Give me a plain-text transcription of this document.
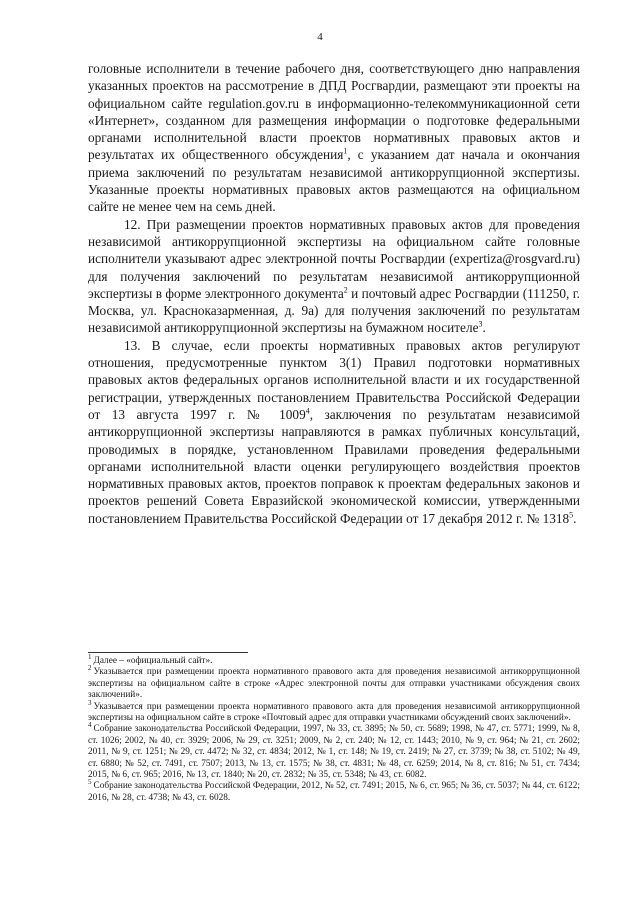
4

головные исполнители в течение рабочего дня, соответствующего дню направления указанных проектов на рассмотрение в ДПД Росгвардии, размещают эти проекты на официальном сайте regulation.gov.ru в информационно-телекоммуникационной сети «Интернет», созданном для размещения информации о подготовке федеральными органами исполнительной власти проектов нормативных правовых актов и результатах их общественного обсуждения$^1$, с указанием дат начала и окончания приема заключений по результатам независимой антикоррупционной экспертизы. Указанные проекты нормативных правовых актов размещаются на официальном сайте не менее чем на семь дней.

12. При размещении проектов нормативных правовых актов для проведения независимой антикоррупционной экспертизы на официальном сайте головные исполнители указывают адрес электронной почты Росгвардии (expertiza@rosgvard.ru) для получения заключений по результатам независимой антикоррупционной экспертизы в форме электронного документа$^2$ и почтовый адрес Росгвардии (111250, г. Москва, ул. Красноказарменная, д. 9а) для получения заключений по результатам независимой антикоррупционной экспертизы на бумажном носителе$^3$.

13. В случае, если проекты нормативных правовых актов регулируют отношения, предусмотренные пунктом 3(1) Правил подготовки нормативных правовых актов федеральных органов исполнительной власти и их государственной регистрации, утвержденных постановлением Правительства Российской Федерации от 13 августа 1997 г. № 1009$^4$, заключения по результатам независимой антикоррупционной экспертизы направляются в рамках публичных консультаций, проводимых в порядке, установленном Правилами проведения федеральными органами исполнительной власти оценки регулирующего воздействия проектов нормативных правовых актов, проектов поправок к проектам федеральных законов и проектов решений Совета Евразийской экономической комиссии, утвержденными постановлением Правительства Российской Федерации от 17 декабря 2012 г. № 1318$^5$.

$^1$ Далее – «официальный сайт».

$^2$ Указывается при размещении проекта нормативного правового акта для проведения независимой антикоррупционной экспертизы на официальном сайте в строке «Адрес электронной почты для отправки участниками обсуждения своих заключений».

$^3$ Указывается при размещении проекта нормативного правового акта для проведения независимой антикоррупционной экспертизы на официальном сайте в строке «Почтовый адрес для отправки участниками обсуждений своих заключений».

$^4$ Собрание законодательства Российской Федерации, 1997, № 33, ст. 3895; № 50, ст. 5689; 1998, № 47, ст. 5771; 1999, № 8, ст. 1026; 2002, № 40, ст. 3929; 2006, № 29, ст. 3251; 2009, № 2, ст. 240; № 12, ст. 1443; 2010, № 9, ст. 964; № 21, ст. 2602; 2011, № 9, ст. 1251; № 29, ст. 4472; № 32, ст. 4834; 2012, № 1, ст. 148; № 19, ст. 2419; № 27, ст. 3739; № 38, ст. 5102; № 49, ст. 6880; № 52, ст. 7491, ст. 7507; 2013, № 13, ст. 1575; № 38, ст. 4831; № 48, ст. 6259; 2014, № 8, ст. 816; № 51, ст. 7434; 2015, № 6, ст. 965; 2016, № 13, ст. 1840; № 20, ст. 2832; № 35, ст. 5348; № 43, ст. 6082.

$^5$ Собрание законодательства Российской Федерации, 2012, № 52, ст. 7491; 2015, № 6, ст. 965; № 36, ст. 5037; № 44, ст. 6122; 2016, № 28, ст. 4738; № 43, ст. 6028.
